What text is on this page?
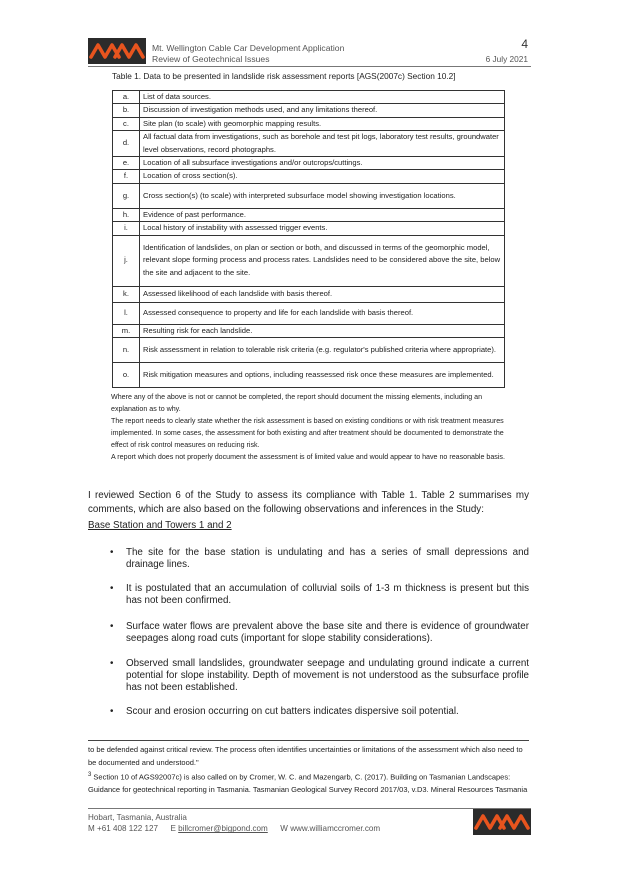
Mt. Wellington Cable Car Development Application
Review of Geotechnical Issues
4
6 July 2021
Table 1. Data to be presented in landslide risk assessment reports [AGS(2007c) Section 10.2]
a.	List of data sources.
b.	Discussion of investigation methods used, and any limitations thereof.
c.	Site plan (to scale) with geomorphic mapping results.
d.	All factual data from investigations, such as borehole and test pit logs, laboratory test results, groundwater level observations, record photographs.
e.	Location of all subsurface investigations and/or outcrops/cuttings.
f.	Location of cross section(s).
g.	Cross section(s) (to scale) with interpreted subsurface model showing investigation locations.
h.	Evidence of past performance.
i.	Local history of instability with assessed trigger events.
j.	Identification of landslides, on plan or section or both, and discussed in terms of the geomorphic model, relevant slope forming process and process rates. Landslides need to be considered above the site, below the site and adjacent to the site.
k.	Assessed likelihood of each landslide with basis thereof.
l.	Assessed consequence to property and life for each landslide with basis thereof.
m.	Resulting risk for each landslide.
n.	Risk assessment in relation to tolerable risk criteria (e.g. regulator's published criteria where appropriate).
o.	Risk mitigation measures and options, including reassessed risk once these measures are implemented.

Where any of the above is not or cannot be completed, the report should document the missing elements, including an explanation as to why.

The report needs to clearly state whether the risk assessment is based on existing conditions or with risk treatment measures implemented. In some cases, the assessment for both existing and after treatment should be documented to demonstrate the effect of risk control measures on reducing risk.

A report which does not properly document the assessment is of limited value and would appear to have no reasonable basis.

I reviewed Section 6 of the Study to assess its compliance with Table 1. Table 2 summarises my comments, which are also based on the following observations and inferences in the Study:
Base Station and Towers 1 and 2
• The site for the base station is undulating and has a series of small depressions and drainage lines.
• It is postulated that an accumulation of colluvial soils of 1-3 m thickness is present but this has not been confirmed.
• Surface water flows are prevalent above the base site and there is evidence of groundwater seepages along road cuts (important for slope stability considerations).
• Observed small landslides, groundwater seepage and undulating ground indicate a current potential for slope instability. Depth of movement is not understood as the subsurface profile has not been established.
• Scour and erosion occurring on cut batters indicates dispersive soil potential.

to be defended against critical review. The process often identifies uncertainties or limitations of the assessment which also need to be documented and understood."

$^3$ Section 10 of AGS92007c) is also called on by Cromer, W. C. and Mazengarb, C. (2017). Building on Tasmanian Landscapes: Guidance for geotechnical reporting in Tasmania. Tasmanian Geological Survey Record 2017/03, v.D3. Mineral Resources Tasmania

Hobart, Tasmania, Australia
M +61 408 122 127 E billcromer@bigpond.com W www.williamccromer.com
